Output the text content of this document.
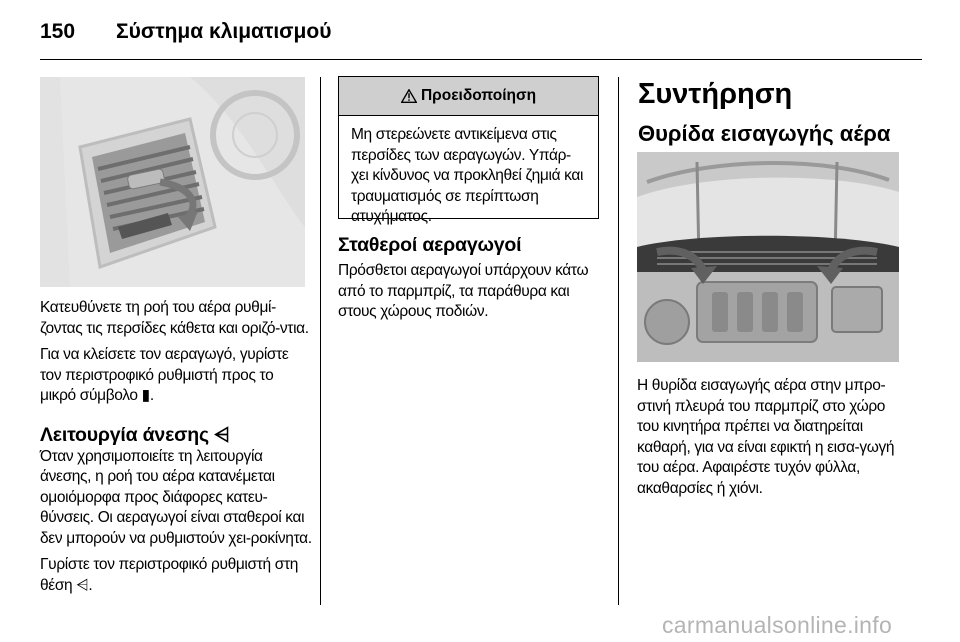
150 Σύστημα κλιματισμού

Κατευθύνετε τη ροή του αέρα ρυθμί-ζοντας τις περσίδες κάθετα και οριζό-ντια.

Για να κλείσετε τον αεραγωγό, γυρίστε τον περιστροφικό ρυθμιστή προς το μικρό σύμβολο ▮.

Λειτουργία άνεσης ⩤

Όταν χρησιμοποιείτε τη λειτουργία άνεσης, η ροή του αέρα κατανέμεται ομοιόμορφα προς διάφορες κατευ-θύνσεις. Οι αεραγωγοί είναι σταθεροί και δεν μπορούν να ρυθμιστούν χει-ροκίνητα.

Γυρίστε τον περιστροφικό ρυθμιστή στη θέση ⩤.

Προειδοποίηση
Μη στερεώνετε αντικείμενα στις περσίδες των αεραγωγών. Υπάρ-χει κίνδυνος να προκληθεί ζημιά και τραυματισμός σε περίπτωση ατυχήματος.
Σταθεροί αεραγωγοί

Πρόσθετοι αεραγωγοί υπάρχουν κάτω από το παρμπρίζ, τα παράθυρα και στους χώρους ποδιών.

Συντήρηση
Θυρίδα εισαγωγής αέρα
Η θυρίδα εισαγωγής αέρα στην μπρο-στινή πλευρά του παρμπρίζ στο χώρο του κινητήρα πρέπει να διατηρείται καθαρή, για να είναι εφικτή η εισα-γωγή του αέρα. Αφαιρέστε τυχόν φύλλα, ακαθαρσίες ή χιόνι.
carmanualsonline.info
